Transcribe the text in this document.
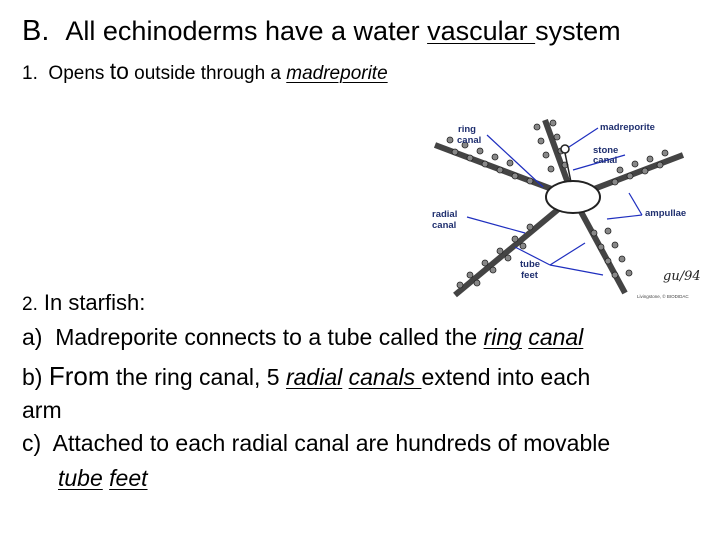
B. All echinoderms have a water vascular system
1. Opens to outside through a madreporite
ring
canal
madreporite
stone
canal
radial
canal
ampullae
tube
feet	gu/94
Livingstone, © BIODIDAC
2. In starfish:
a)  Madreporite connects to a tube called the ring canal
b) From the ring canal, 5 radial canals extend into each
arm
c)  Attached to each radial canal are hundreds of movable
tube feet
